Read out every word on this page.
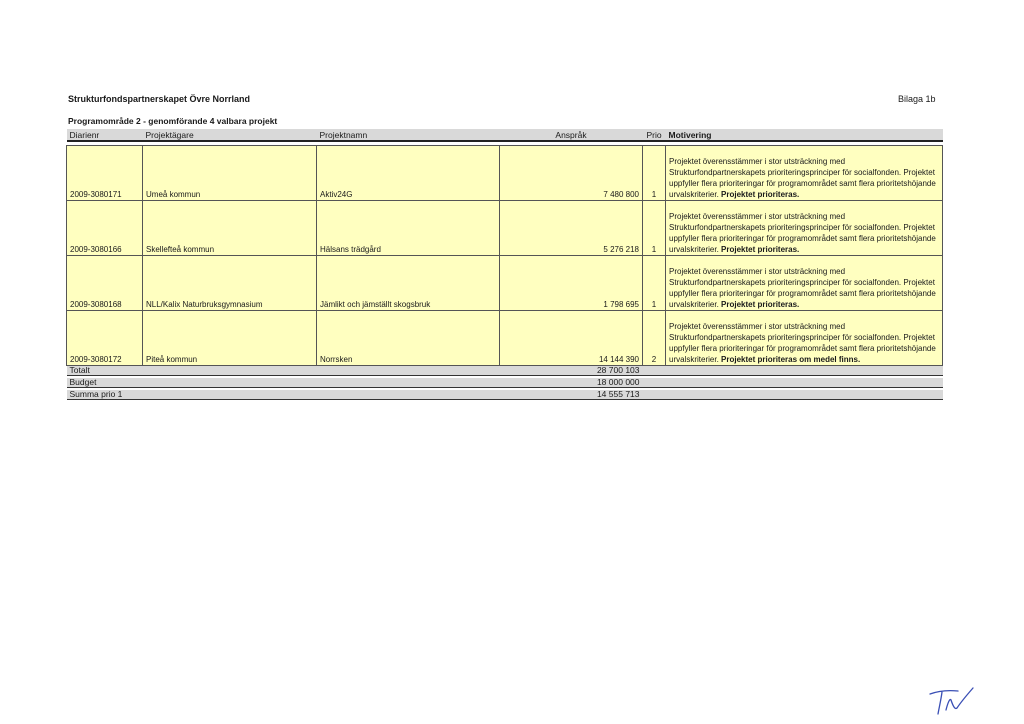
Strukturfondspartnerskapet Övre Norrland	Bilaga 1b
Programområde 2 - genomförande 4 valbara projekt
Diarienr	Projektägare	Projektnamn	Anspråk	Prio	Motivering

2009-3080171	Umeå kommun	Aktiv24G	7 480 800	1	Projektet överensstämmer i stor utsträckning med Strukturfondpartnerskapets prioriteringsprinciper för socialfonden. Projektet uppfyller flera prioriteringar för programområdet samt flera prioritetshöjande urvalskriterier. Projektet prioriteras.
2009-3080166	Skellefteå kommun	Hälsans trädgård	5 276 218	1	Projektet överensstämmer i stor utsträckning med Strukturfondpartnerskapets prioriteringsprinciper för socialfonden. Projektet uppfyller flera prioriteringar för programområdet samt flera prioritetshöjande urvalskriterier. Projektet prioriteras.
2009-3080168	NLL/Kalix Naturbruksgymnasium	Jämlikt och jämställt skogsbruk	1 798 695	1	Projektet överensstämmer i stor utsträckning med Strukturfondpartnerskapets prioriteringsprinciper för socialfonden. Projektet uppfyller flera prioriteringar för programområdet samt flera prioritetshöjande urvalskriterier. Projektet prioriteras.
2009-3080172	Piteå kommun	Norrsken	14 144 390	2	Projektet överensstämmer i stor utsträckning med Strukturfondpartnerskapets prioriteringsprinciper för socialfonden. Projektet uppfyller flera prioriteringar för programområdet samt flera prioritetshöjande urvalskriterier. Projektet prioriteras om medel finns.
Totalt			28 700 103		

Budget			18 000 000		

Summa prio 1			14 555 713		
